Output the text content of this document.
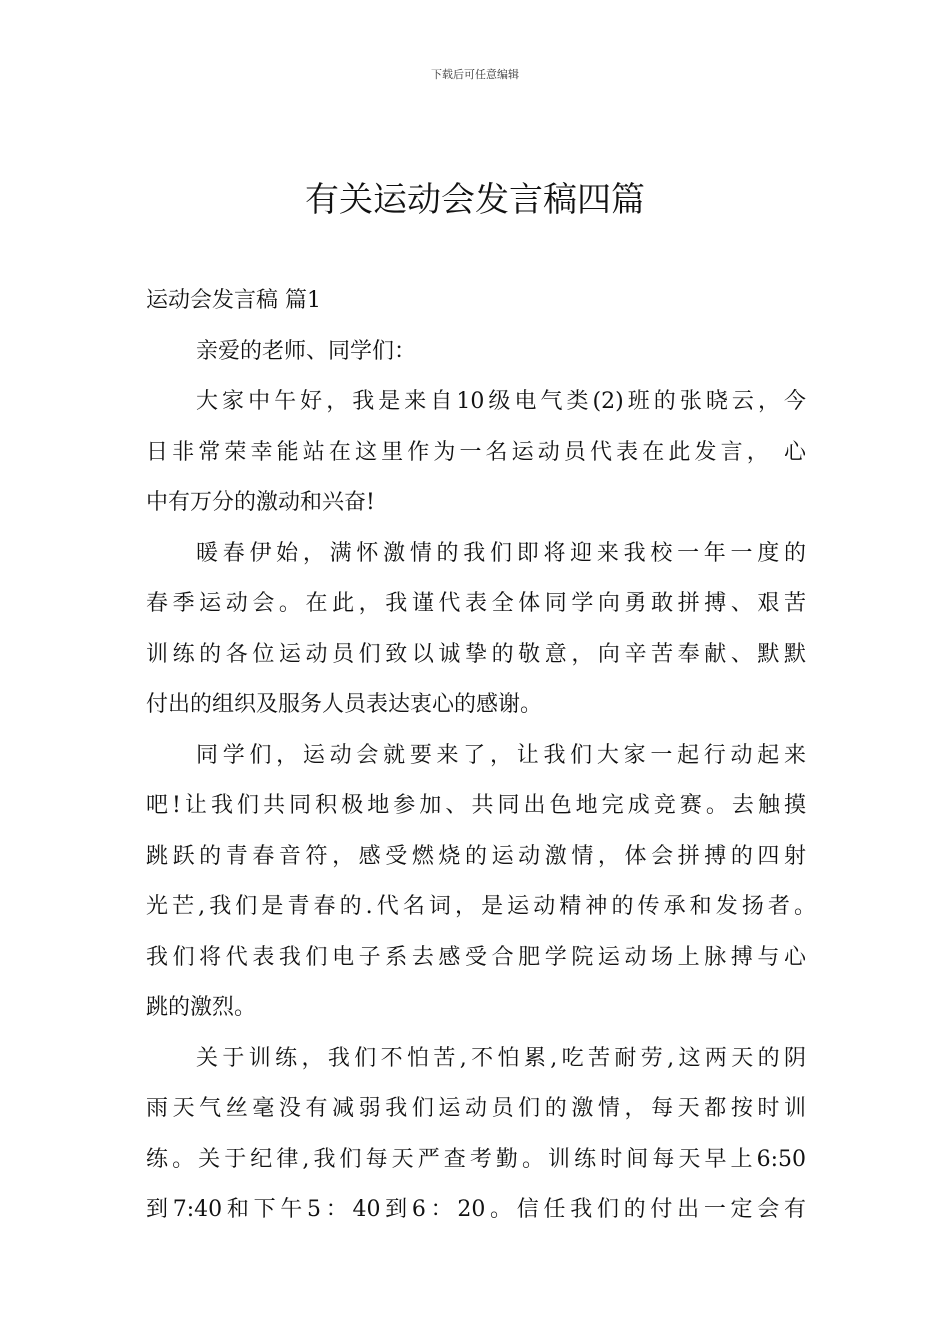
下载后可任意编辑
有关运动会发言稿四篇
运动会发言稿 篇1
亲爱的老师、同学们：
大家中午好，我是来自10级电气类(2)班的张晓云，今
日非常荣幸能站在这里作为一名运动员代表在此发言， 心
中有万分的激动和兴奋!
暖春伊始，满怀激情的我们即将迎来我校一年一度的
春季运动会。在此，我谨代表全体同学向勇敢拼搏、艰苦
训练的各位运动员们致以诚挚的敬意，向辛苦奉献、默默
付出的组织及服务人员表达衷心的感谢。
同学们，运动会就要来了，让我们大家一起行动起来
吧!让我们共同积极地参加、共同出色地完成竞赛。去触摸
跳跃的青春音符，感受燃烧的运动激情，体会拼搏的四射
光芒,我们是青春的.代名词，是运动精神的传承和发扬者。
我们将代表我们电子系去感受合肥学院运动场上脉搏与心
跳的激烈。
关于训练，我们不怕苦,不怕累,吃苦耐劳,这两天的阴
雨天气丝毫没有减弱我们运动员们的激情，每天都按时训
练。关于纪律,我们每天严查考勤。训练时间每天早上6:50
到7:40和下午5：40到6：20。信任我们的付出一定会有
